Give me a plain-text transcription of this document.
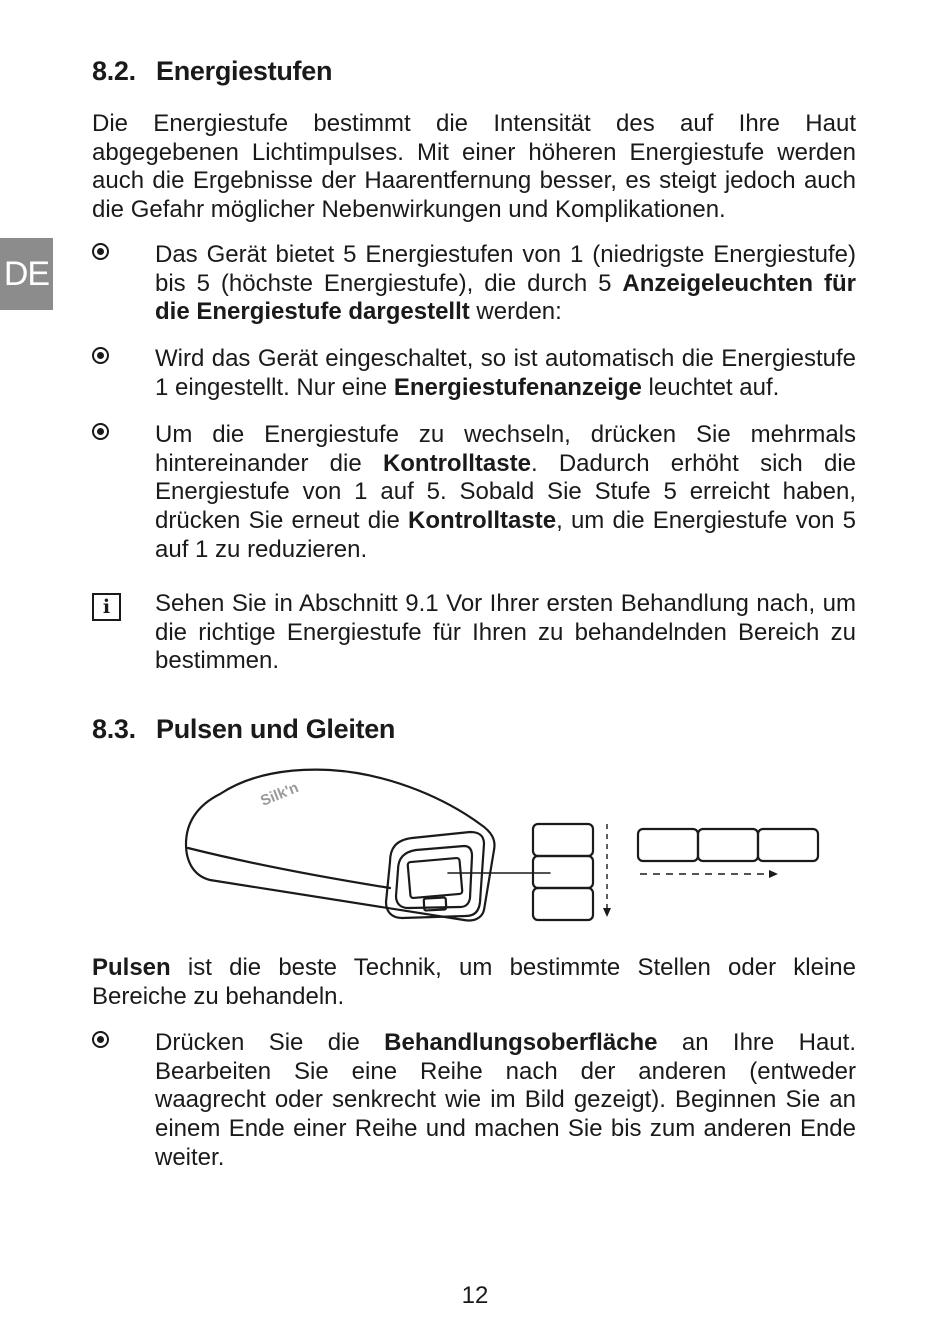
DE
8.2. Energiestufen

Die Energiestufe bestimmt die Intensität des auf Ihre Haut abgegebenen Lichtimpulses. Mit einer höheren Energiestufe werden auch die Ergebnisse der Haarentfernung besser, es steigt jedoch auch die Gefahr möglicher Nebenwirkungen und Komplikationen.

Das Gerät bietet 5 Energiestufen von 1 (niedrigste Energiestufe) bis 5 (höchste Energiestufe), die durch 5 Anzeigeleuchten für die Energiestufe dargestellt werden:
Wird das Gerät eingeschaltet, so ist automatisch die Energiestufe 1 eingestellt. Nur eine Energiestufenanzeige leuchtet auf.
Um die Energiestufe zu wechseln, drücken Sie mehrmals hintereinander die Kontrolltaste. Dadurch erhöht sich die Energiestufe von 1 auf 5. Sobald Sie Stufe 5 erreicht haben, drücken Sie erneut die Kontrolltaste, um die Energiestufe von 5 auf 1 zu reduzieren.
i	Sehen Sie in Abschnitt 9.1 Vor Ihrer ersten Behandlung nach, um die richtige Energiestufe für Ihren zu behandelnden Bereich zu bestimmen.
8.3. Pulsen und Gleiten
Silk'n

Pulsen ist die beste Technik, um bestimmte Stellen oder kleine Bereiche zu behandeln.

Drücken Sie die Behandlungsoberfläche an Ihre Haut. Bearbeiten Sie eine Reihe nach der anderen (entweder waagrecht oder senkrecht wie im Bild gezeigt). Beginnen Sie an einem Ende einer Reihe und machen Sie bis zum anderen Ende weiter.
12
